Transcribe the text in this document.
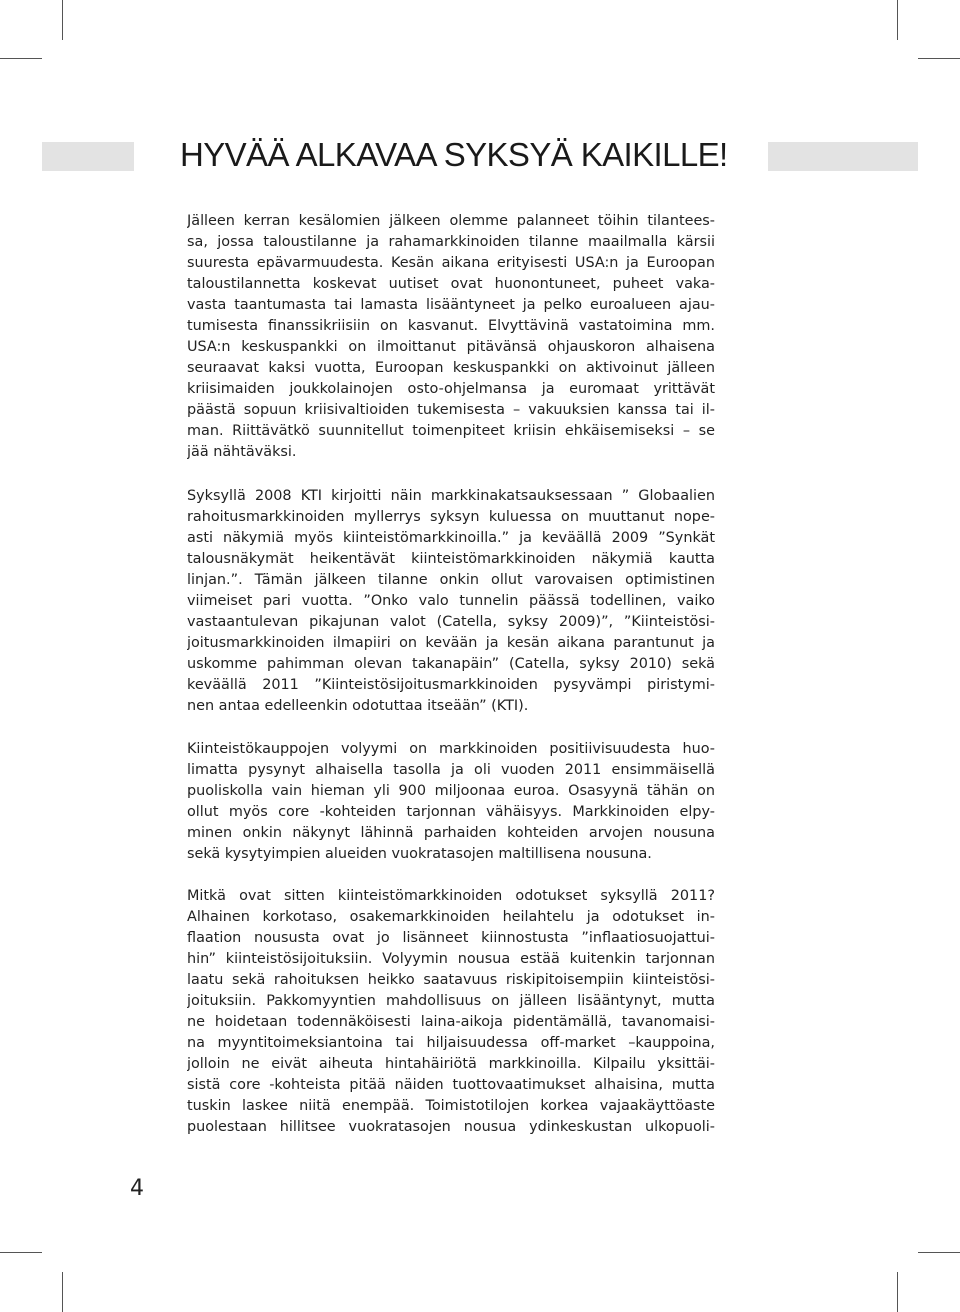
HYVÄÄ ALKAVAA SYKSYÄ KAIKILLE!
Jälleen kerran kesälomien jälkeen olemme palanneet töihin tilantees-
sa, jossa taloustilanne ja rahamarkkinoiden tilanne maailmalla kärsii
suuresta epävarmuudesta. Kesän aikana erityisesti USA:n ja Euroopan
taloustilannetta koskevat uutiset ovat huonontuneet, puheet vaka-
vasta taantumasta tai lamasta lisääntyneet ja pelko euroalueen ajau-
tumisesta finanssikriisiin on kasvanut. Elvyttävinä vastatoimina mm.
USA:n keskuspankki on ilmoittanut pitävänsä ohjauskoron alhaisena
seuraavat kaksi vuotta, Euroopan keskuspankki on aktivoinut jälleen
kriisimaiden joukkolainojen osto-ohjelmansa ja euromaat yrittävät
päästä sopuun kriisivaltioiden tukemisesta – vakuuksien kanssa tai il-
man. Riittävätkö suunnitellut toimenpiteet kriisin ehkäisemiseksi – se
jää nähtäväksi.
Syksyllä 2008 KTI kirjoitti näin markkinakatsauksessaan ” Globaalien
rahoitusmarkkinoiden myllerrys syksyn kuluessa on muuttanut nope-
asti näkymiä myös kiinteistömarkkinoilla.” ja keväällä 2009 ”Synkät
talousnäkymät heikentävät kiinteistömarkkinoiden näkymiä kautta
linjan.”. Tämän jälkeen tilanne onkin ollut varovaisen optimistinen
viimeiset pari vuotta. ”Onko valo tunnelin päässä todellinen, vaiko
vastaantulevan pikajunan valot (Catella, syksy 2009)”, ”Kiinteistösi-
joitusmarkkinoiden ilmapiiri on kevään ja kesän aikana parantunut ja
uskomme pahimman olevan takanapäin” (Catella, syksy 2010) sekä
keväällä 2011 ”Kiinteistösijoitusmarkkinoiden pysyvämpi piristymi-
nen antaa edelleenkin odotuttaa itseään” (KTI).
Kiinteistökauppojen volyymi on markkinoiden positiivisuudesta huo-
limatta pysynyt alhaisella tasolla ja oli vuoden 2011 ensimmäisellä
puoliskolla vain hieman yli 900 miljoonaa euroa. Osasyynä tähän on
ollut myös core -kohteiden tarjonnan vähäisyys. Markkinoiden elpy-
minen onkin näkynyt lähinnä parhaiden kohteiden arvojen nousuna
sekä kysytyimpien alueiden vuokratasojen maltillisena nousuna.
Mitkä ovat sitten kiinteistömarkkinoiden odotukset syksyllä 2011?
Alhainen korkotaso, osakemarkkinoiden heilahtelu ja odotukset in-
flaation noususta ovat jo lisänneet kiinnostusta ”inflaatiosuojattui-
hin” kiinteistösijoituksiin. Volyymin nousua estää kuitenkin tarjonnan
laatu sekä rahoituksen heikko saatavuus riskipitoisempiin kiinteistösi-
joituksiin. Pakkomyyntien mahdollisuus on jälleen lisääntynyt, mutta
ne hoidetaan todennäköisesti laina-aikoja pidentämällä, tavanomaisi-
na myyntitoimeksiantoina tai hiljaisuudessa off-market –kauppoina,
jolloin ne eivät aiheuta hintahäiriötä markkinoilla. Kilpailu yksittäi-
sistä core -kohteista pitää näiden tuottovaatimukset alhaisina, mutta
tuskin laskee niitä enempää. Toimistotilojen korkea vajaakäyttöaste
puolestaan hillitsee vuokratasojen nousua ydinkeskustan ulkopuoli-
4
